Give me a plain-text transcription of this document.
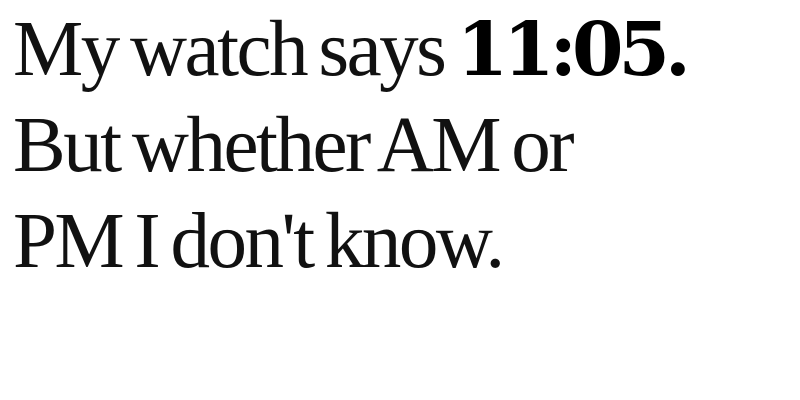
My watch says 11:05.
But whether AM or
PM I don't know.
